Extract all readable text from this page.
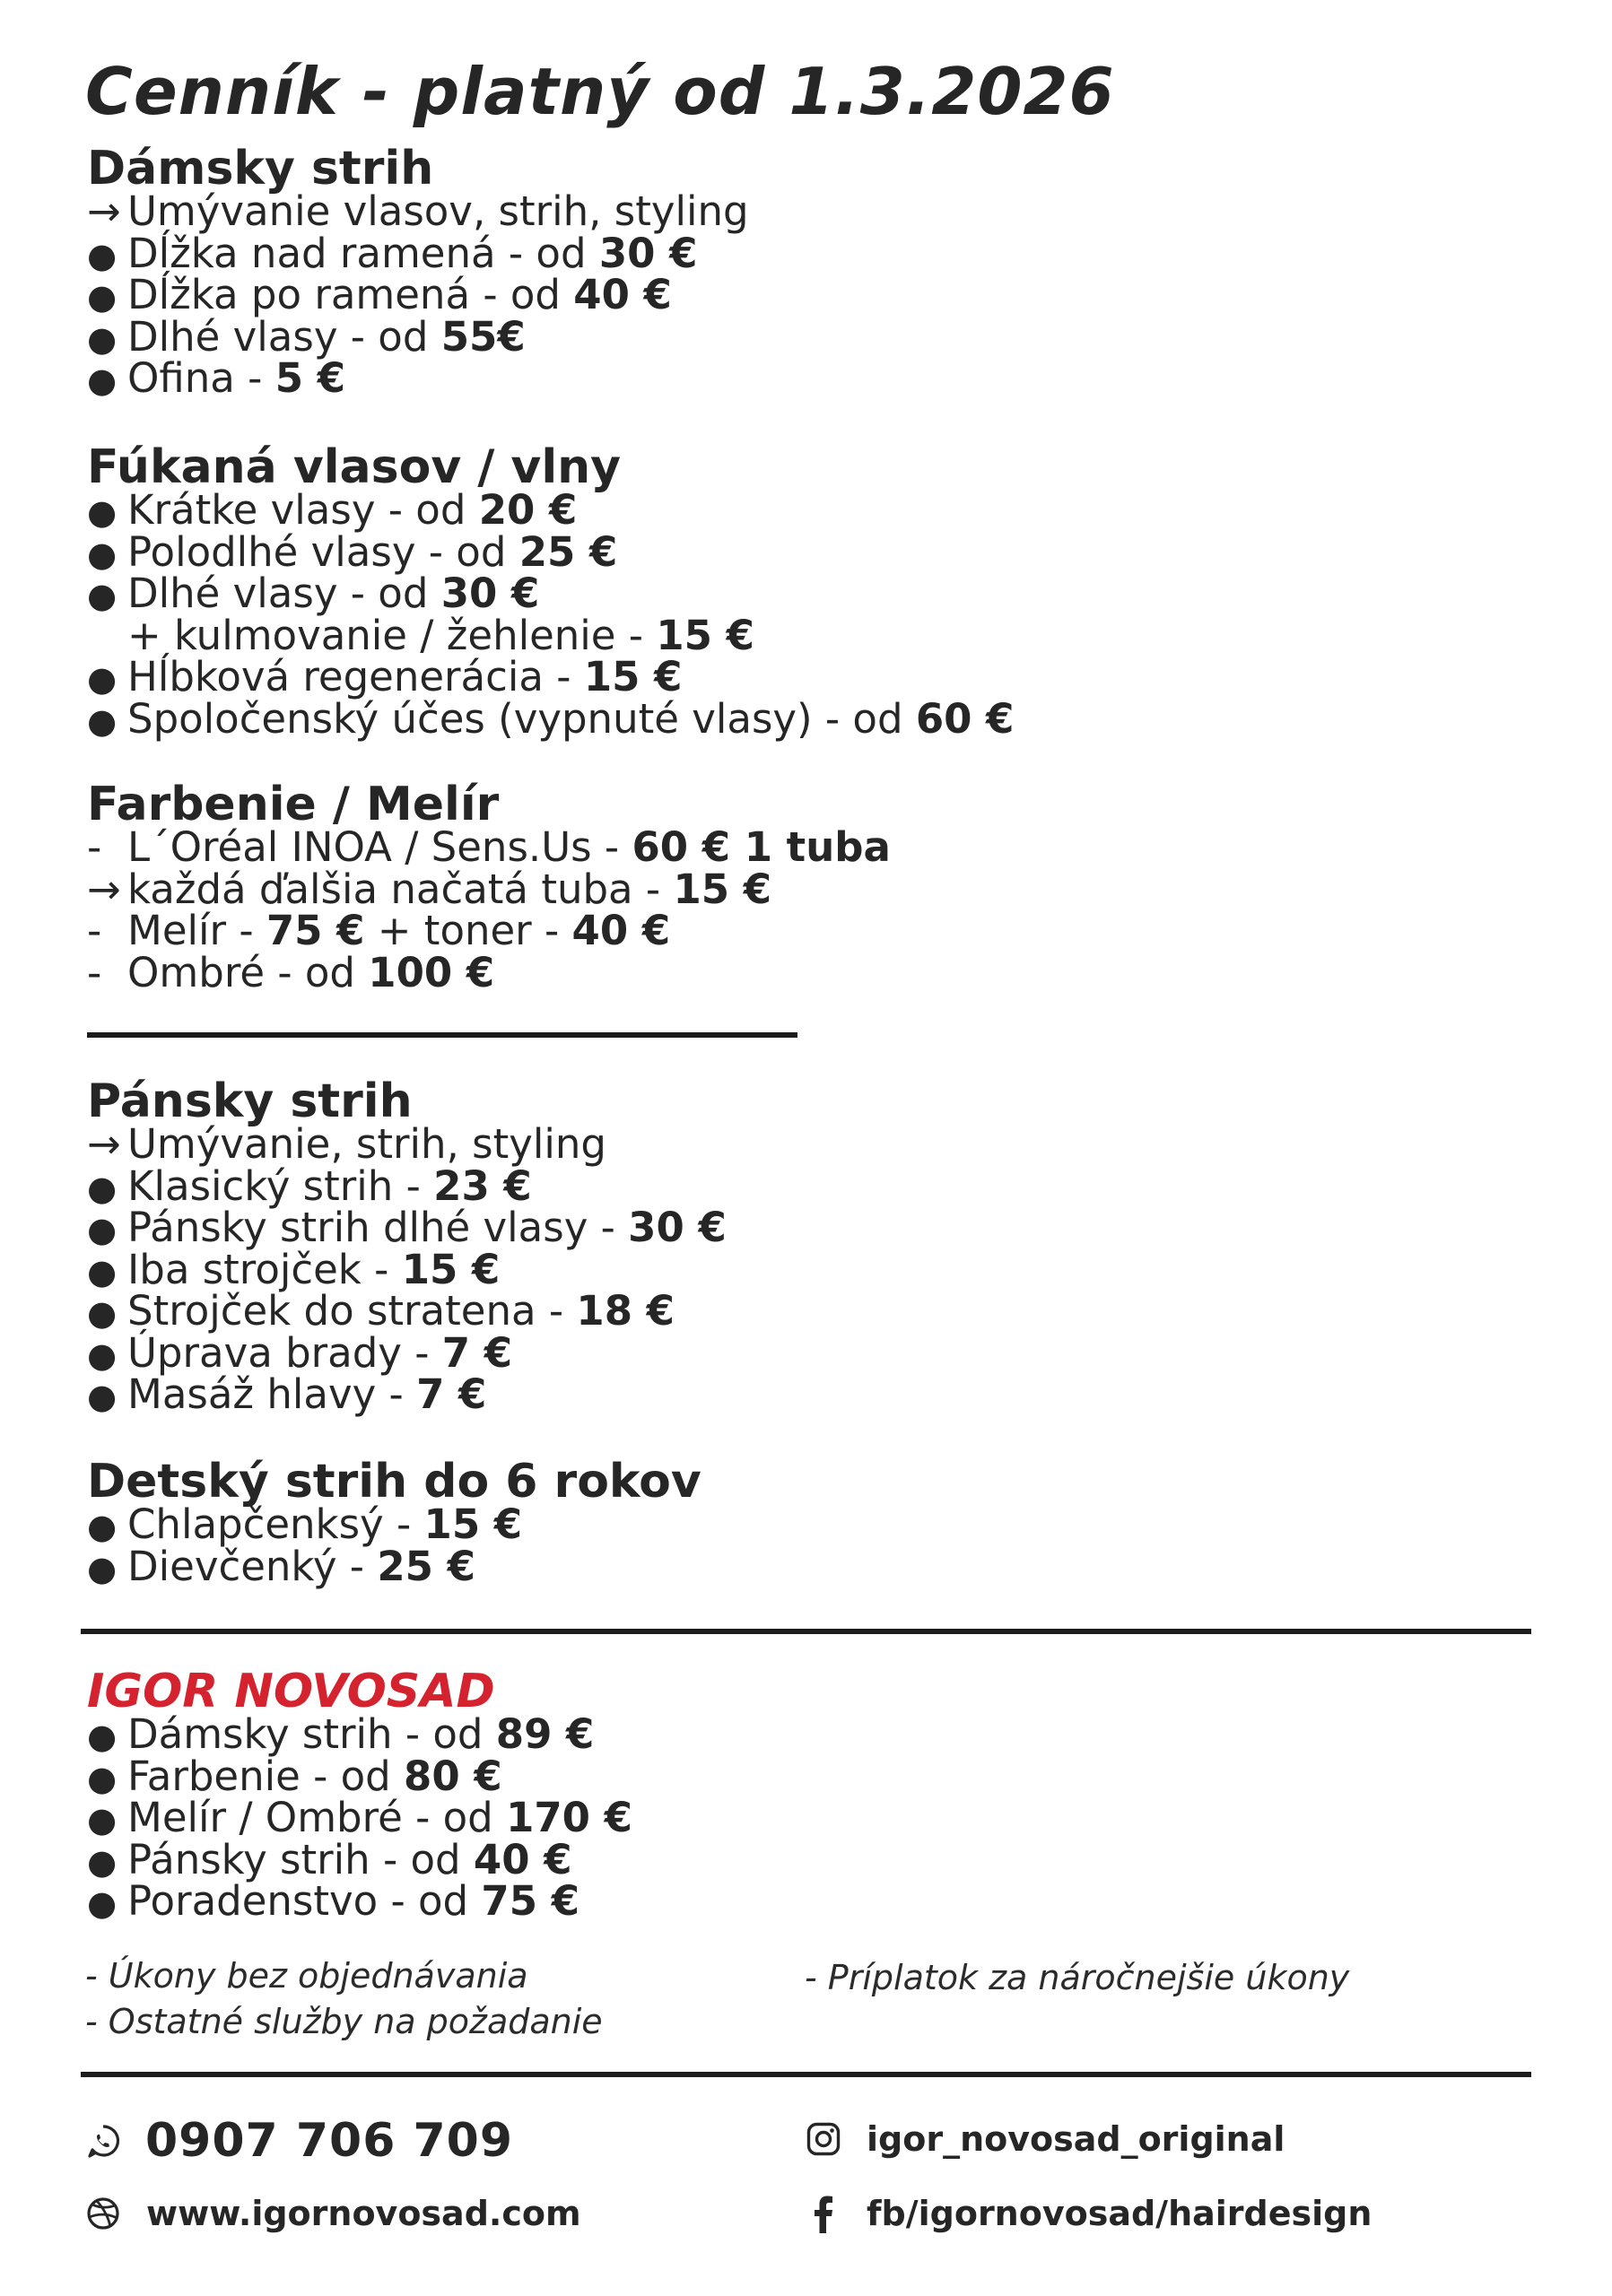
Cenník - platný od 1.3.2026
Dámsky strih
→ Umývanie vlasov, strih, styling
● Dĺžka nad ramená - od 30 €
● Dĺžka po ramená - od 40 €
● Dlhé vlasy - od 55€
● Ofina - 5 €
Fúkaná vlasov / vlny
● Krátke vlasy - od 20 €
● Polodlhé vlasy - od 25 €
● Dlhé vlasy - od 30 €
+ kulmovanie / žehlenie - 15 €
● Hĺbková regenerácia - 15 €
● Spoločenský účes (vypnuté vlasy) - od 60 €
Farbenie / Melír
- L´Oréal INOA / Sens.Us - 60 € 1 tuba
→ každá ďalšia načatá tuba - 15 €
- Melír - 75 € + toner - 40 €
- Ombré - od 100 €
Pánsky strih
→ Umývanie, strih, styling
● Klasický strih - 23 €
● Pánsky strih dlhé vlasy - 30 €
● Iba strojček - 15 €
● Strojček do stratena - 18 €
● Úprava brady - 7 €
● Masáž hlavy - 7 €
Detský strih do 6 rokov
● Chlapčenksý - 15 €
● Dievčenký - 25 €
IGOR NOVOSAD
● Dámsky strih - od 89 €
● Farbenie - od 80 €
● Melír / Ombré - od 170 €
● Pánsky strih - od 40 €
● Poradenstvo - od 75 €
- Úkony bez objednávania
- Ostatné služby na požadanie
- Príplatok za náročnejšie úkony
0907 706 709	igor_novosad_original
www.igornovosad.com	fb/igornovosad/hairdesign
